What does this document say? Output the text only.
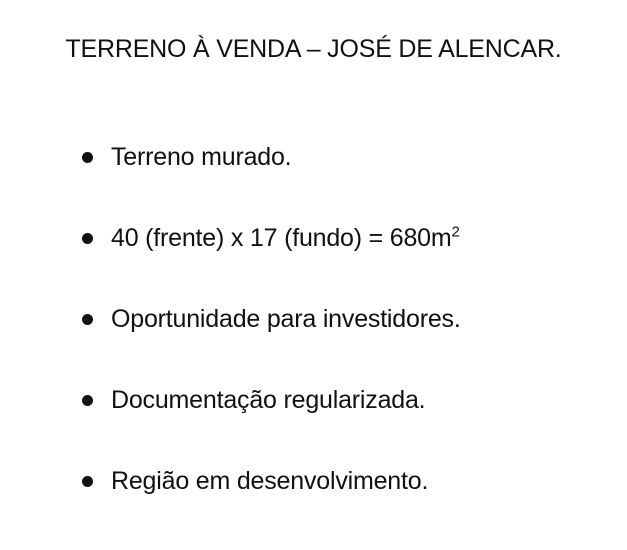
TERRENO À VENDA – JOSÉ DE ALENCAR.
Terreno murado.
40 (frente) x 17 (fundo) = $680m^2$
Oportunidade para investidores.
Documentação regularizada.
Região em desenvolvimento.
